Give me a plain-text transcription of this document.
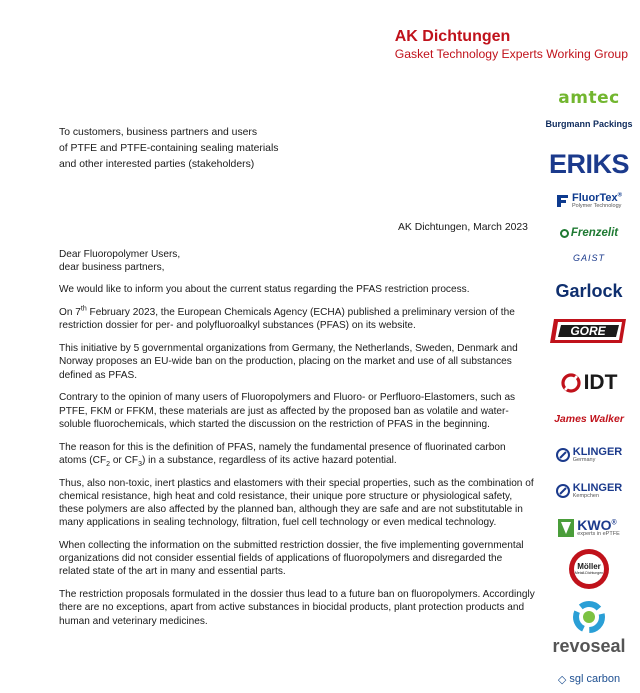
AK Dichtungen
Gasket Technology Experts Working Group
To customers, business partners and users
of PTFE and PTFE-containing sealing materials
and other interested parties (stakeholders)
AK Dichtungen, March 2023

Dear Fluoropolymer Users,
dear business partners,

We would like to inform you about the current status regarding the PFAS restriction process.

On 7th February 2023, the European Chemicals Agency (ECHA) published a preliminary version of the restriction dossier for per- and polyfluoroalkyl substances (PFAS) on its website.

This initiative by 5 governmental organizations from Germany, the Netherlands, Sweden, Denmark and Norway proposes an EU-wide ban on the production, placing on the market and use of all substances defined as PFAS.

Contrary to the opinion of many users of Fluoropolymers and Fluoro- or Perfluoro-Elastomers, such as PTFE, FKM or FFKM, these materials are just as affected by the proposed ban as volatile and water-soluble fluorochemicals, which started the discussion on the restriction of PFAS in the beginning.

The reason for this is the definition of PFAS, namely the fundamental presence of fluorinated carbon atoms ($CF_2$ or $CF_3$) in a substance, regardless of its active hazard potential.

Thus, also non-toxic, inert plastics and elastomers with their special properties, such as the combination of chemical resistance, high heat and cold resistance, their unique pore structure or physiological safety, these polymers are also affected by the planned ban, although they are safe and are not substitutable in many applications in sealing technology, filtration, fuel cell technology or even medical technology.

When collecting the information on the submitted restriction dossier, the five implementing governmental organizations did not consider essential fields of applications of fluoropolymers and disregarded the related state of the art in many and essential parts.

The restriction proposals formulated in the dossier thus lead to a future ban on fluoropolymers. Accordingly there are no exceptions, apart from active substances in biocidal products, plant protection products and human and veterinary medicines.

amtec
Burgmann Packings
ERIKS
FluorTex®
Polymer Technology
Frenzelit
GAIST
Garlock
GORE
IDT
James Walker
KLINGER
Germany
KLINGER
Kempchen
KWO®
experts in ePTFE
Möller
Metall-Dichtungen
revoseal
◇ sgl carbon
